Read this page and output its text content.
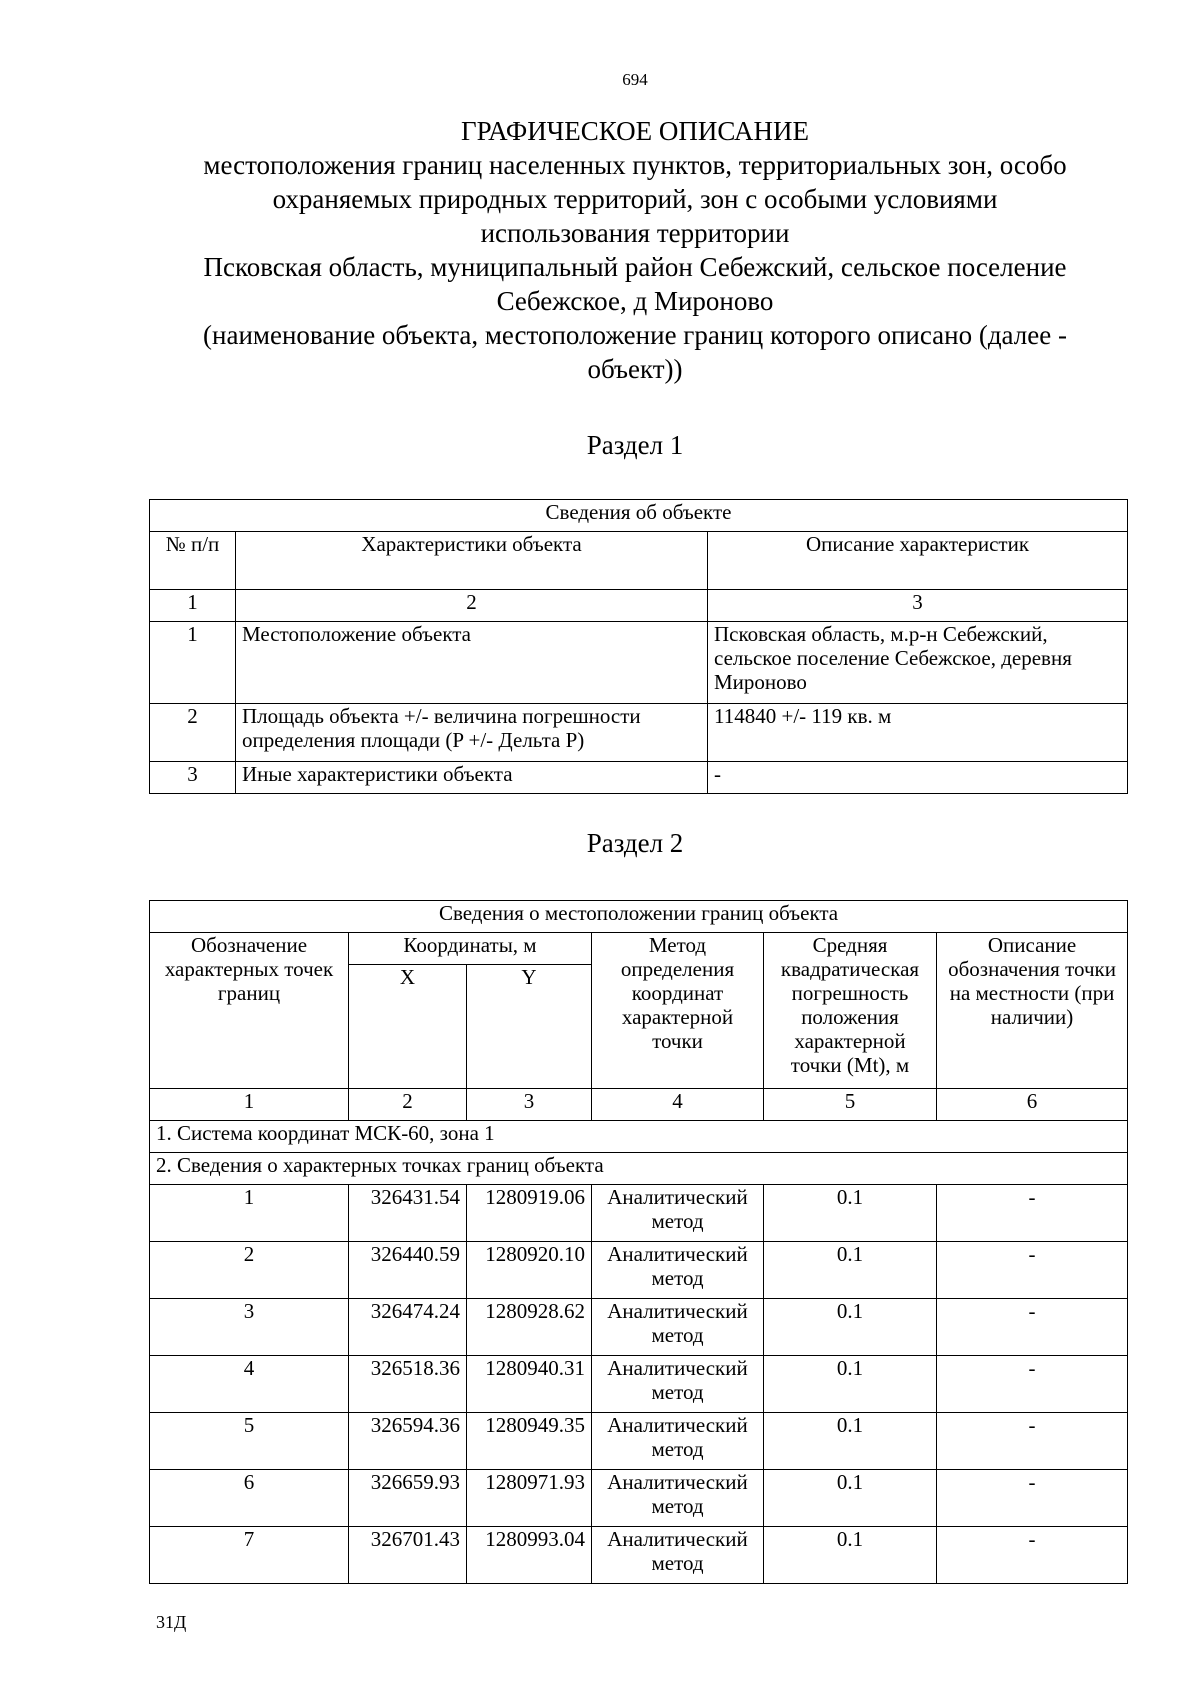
694
ГРАФИЧЕСКОЕ ОПИСАНИЕ
местоположения границ населенных пунктов, территориальных зон, особо
охраняемых природных территорий, зон с особыми условиями
использования территории
Псковская область, муниципальный район Себежский, сельское поселение
Себежское, д Мироново
(наименование объекта, местоположение границ которого описано (далее -
объект))
Раздел 1
Сведения об объекте		
№ п/п	Характеристики объекта	Описание характеристик
1	2	3
1	Местоположение объекта	Псковская область, м.р-н Себежский, сельское поселение Себежское, деревня Мироново
2	Площадь объекта +/- величина погрешности определения площади (P +/- Дельта P)	114840 +/- 119 кв. м
3	Иные характеристики объекта	-
Раздел 2
Сведения о местоположении границ объекта					
Обозначение характерных точек границ	Координаты, м		Метод определения координат характерной точки	Средняя квадратическая погрешность положения характерной точки (Mt), м	Описание обозначения точки на местности (при наличии)
	X	Y			
1	2	3	4	5	6
1. Система координат МСК-60, зона 1					
2. Сведения о характерных точках границ объекта					
1	326431.54	1280919.06	Аналитический метод	0.1	-
2	326440.59	1280920.10	Аналитический метод	0.1	-
3	326474.24	1280928.62	Аналитический метод	0.1	-
4	326518.36	1280940.31	Аналитический метод	0.1	-
5	326594.36	1280949.35	Аналитический метод	0.1	-
6	326659.93	1280971.93	Аналитический метод	0.1	-
7	326701.43	1280993.04	Аналитический метод	0.1	-
31Д
